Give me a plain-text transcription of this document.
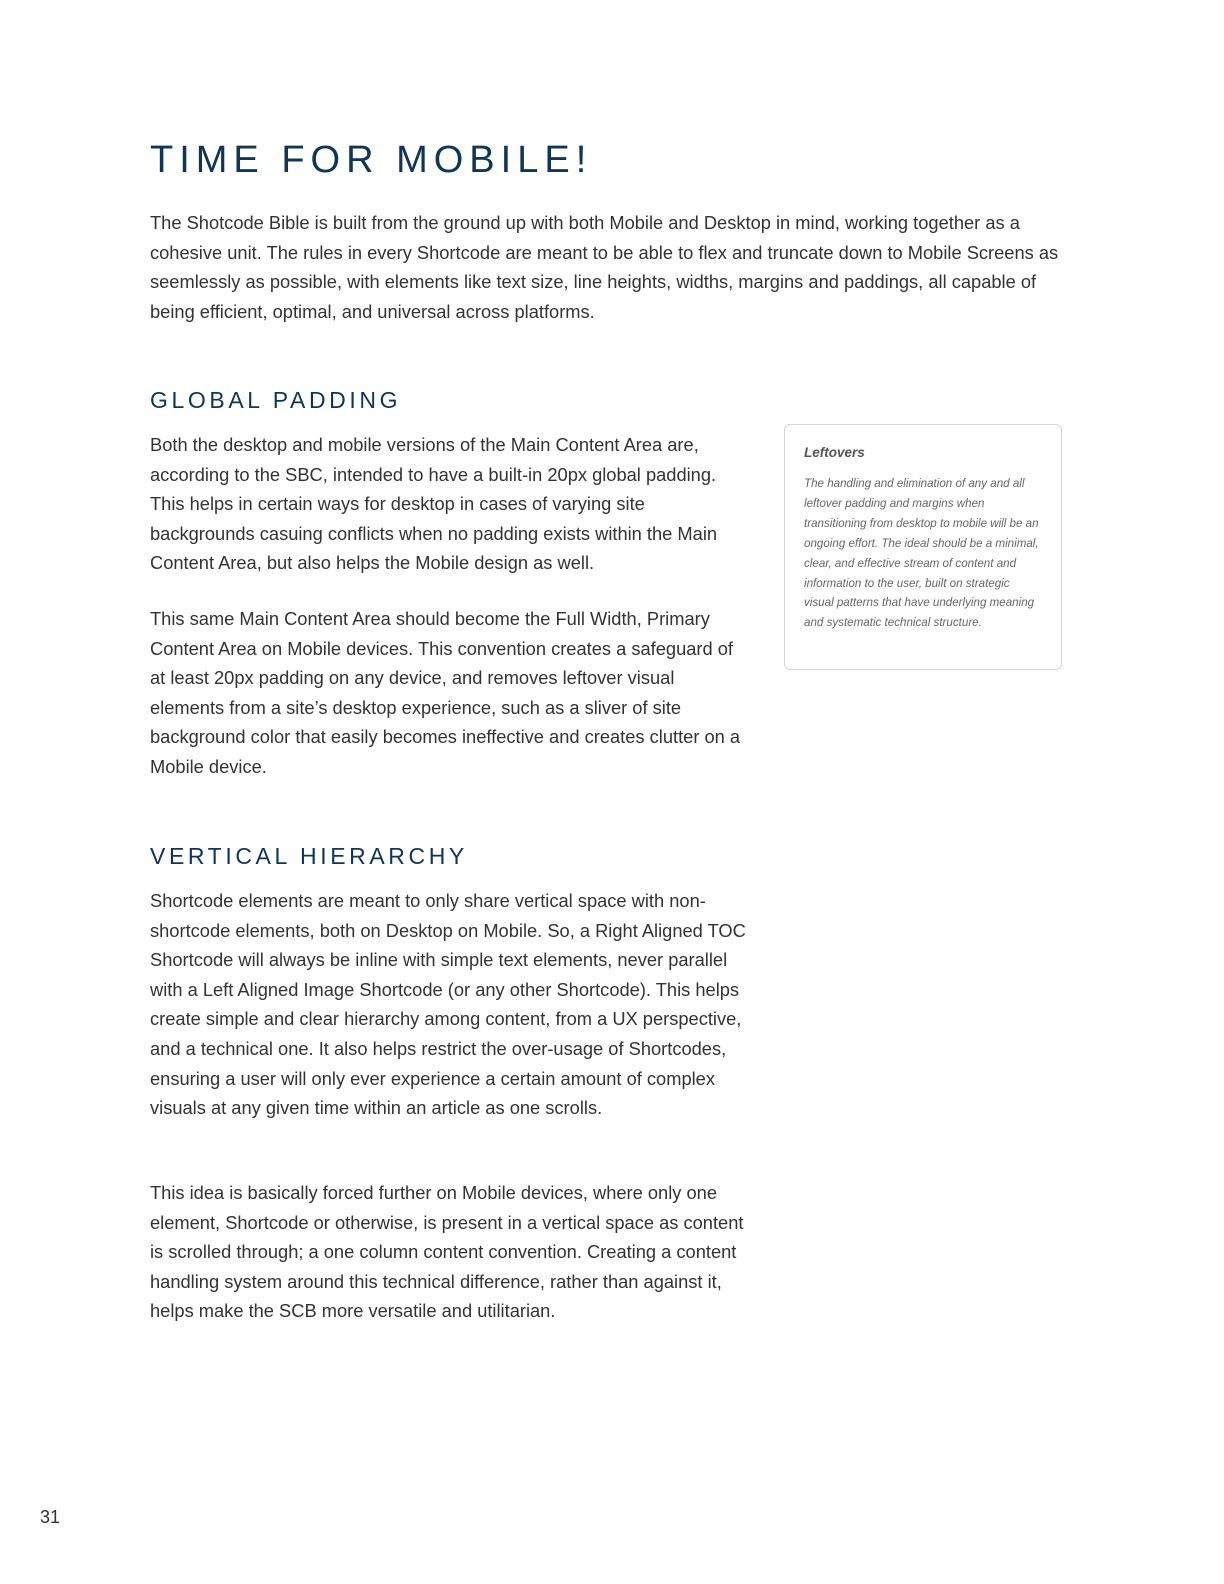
TIME FOR MOBILE!

The Shotcode Bible is built from the ground up with both Mobile and Desktop in mind, working together as a cohesive unit. The rules in every Shortcode are meant to be able to flex and truncate down to Mobile Screens as seemlessly as possible, with elements like text size, line heights, widths, margins and paddings, all capable of being efficient, optimal, and universal across platforms.

GLOBAL PADDING

Both the desktop and mobile versions of the Main Content Area are, according to the SBC, intended to have a built-in 20px global padding. This helps in certain ways for desktop in cases of varying site backgrounds casuing conflicts when no padding exists within the Main Content Area, but also helps the Mobile design as well.

This same Main Content Area should become the Full Width, Primary Content Area on Mobile devices. This convention creates a safeguard of at least 20px padding on any device, and removes leftover visual elements from a site’s desktop experience, such as a sliver of site background color that easily becomes ineffective and creates clutter on a Mobile device.

Leftovers

The handling and elimination of any and all leftover padding and margins when transitioning from desktop to mobile will be an ongoing effort. The ideal should be a minimal, clear, and effective stream of content and information to the user, built on strategic visual patterns that have underlying meaning and systematic technical structure.

VERTICAL HIERARCHY

Shortcode elements are meant to only share vertical space with non-shortcode elements, both on Desktop on Mobile. So, a Right Aligned TOC Shortcode will always be inline with simple text elements, never parallel with a Left Aligned Image Shortcode (or any other Shortcode). This helps create simple and clear hierarchy among content, from a UX perspective, and a technical one. It also helps restrict the over-usage of Shortcodes, ensuring a user will only ever experience a certain amount of complex visuals at any given time within an article as one scrolls.

This idea is basically forced further on Mobile devices, where only one element, Shortcode or otherwise, is present in a vertical space as content is scrolled through; a one column content convention. Creating a content handling system around this technical difference, rather than against it, helps make the SCB more versatile and utilitarian.

31
